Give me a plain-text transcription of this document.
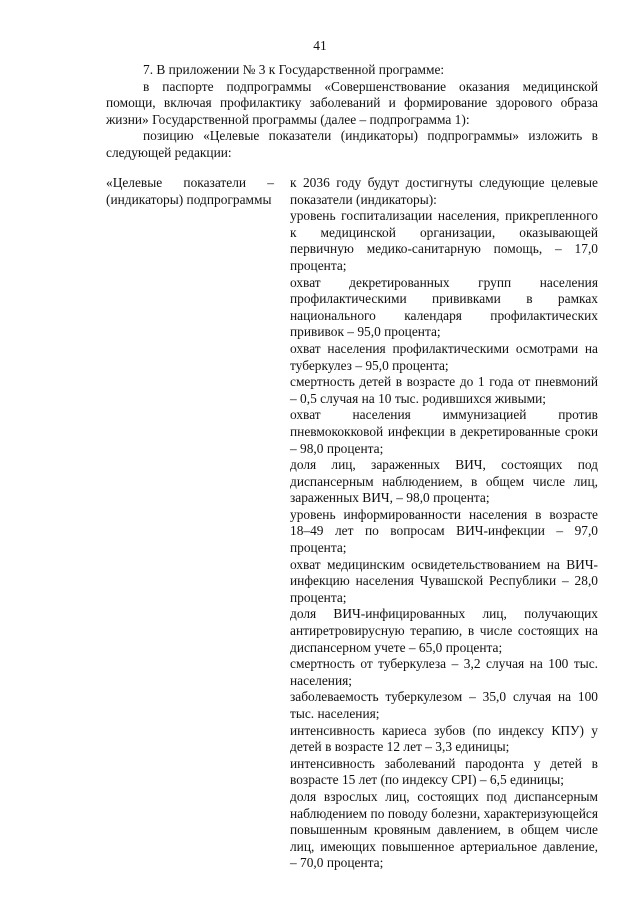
41

7. В приложении № 3 к Государственной программе:

в паспорте подпрограммы «Совершенствование оказания медицинской помощи, включая профилактику заболеваний и формирование здорового образа жизни» Государственной программы (далее – подпрограмма 1):

позицию «Целевые показатели (индикаторы) подпрограммы» изложить в следующей редакции:

«Целевые показатели – (индикаторы) подпрограммы

к 2036 году будут достигнуты следующие целевые показатели (индикаторы):

уровень госпитализации населения, прикрепленного к медицинской организации, оказывающей первичную медико-санитарную помощь, – 17,0 процента;

охват декретированных групп населения профилактическими прививками в рамках национального календаря профилактических прививок – 95,0 процента;

охват населения профилактическими осмотрами на туберкулез – 95,0 процента;

смертность детей в возрасте до 1 года от пневмоний – 0,5 случая на 10 тыс. родившихся живыми;

охват населения иммунизацией против пневмококковой инфекции в декретированные сроки – 98,0 процента;

доля лиц, зараженных ВИЧ, состоящих под диспансерным наблюдением, в общем числе лиц, зараженных ВИЧ, – 98,0 процента;

уровень информированности населения в возрасте 18–49 лет по вопросам ВИЧ-инфекции – 97,0 процента;

охват медицинским освидетельствованием на ВИЧ-инфекцию населения Чувашской Республики – 28,0 процента;

доля ВИЧ-инфицированных лиц, получающих антиретровирусную терапию, в числе состоящих на диспансерном учете – 65,0 процента;

смертность от туберкулеза – 3,2 случая на 100 тыс. населения;

заболеваемость туберкулезом – 35,0 случая на 100 тыс. населения;

интенсивность кариеса зубов (по индексу КПУ) у детей в возрасте 12 лет – 3,3 единицы;

интенсивность заболеваний пародонта у детей в возрасте 15 лет (по индексу CPI) – 6,5 единицы;

доля взрослых лиц, состоящих под диспансерным наблюдением по поводу болезни, характеризующейся повышенным кровяным давлением, в общем числе лиц, имеющих повышенное артериальное давление, – 70,0 процента;
